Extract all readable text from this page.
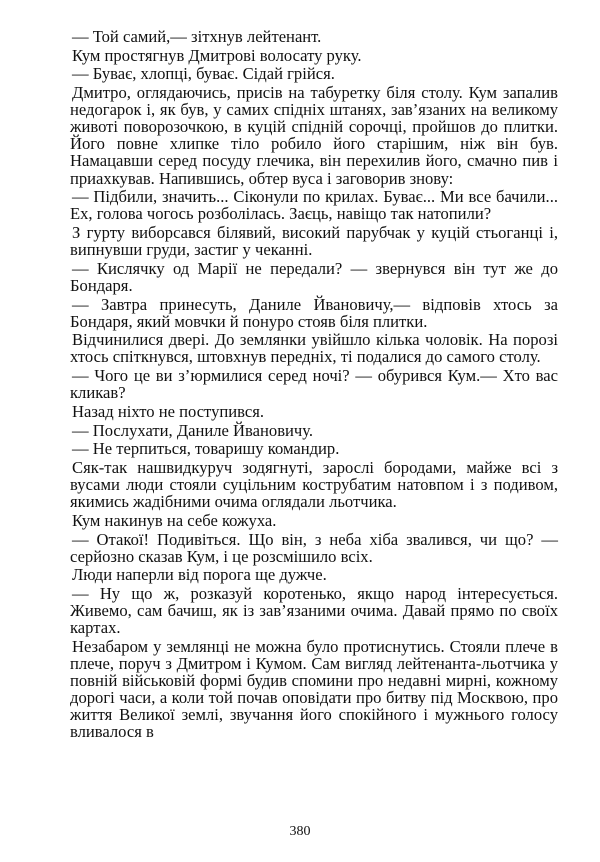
— Той самий,— зітхнув лейтенант.

Кум простягнув Дмитрові волосату руку.

— Буває, хлопці, буває. Сідай грійся.

Дмитро, оглядаючись, присів на табуретку біля столу. Кум запалив недогарок і, як був, у самих спідніх штанях, зав’язаних на великому животі поворозочкою, в куцій спідній сорочці, пройшов до плитки. Його повне хлипке тіло робило його старішим, ніж він був. Намацавши серед посуду глечика, він перехилив його, смачно пив і приахкував. Напившись, обтер вуса і заговорив знову:

— Підбили, значить... Сіконули по крилах. Буває... Ми все бачили... Ех, голова чогось розболілась. Заєць, навіщо так натопили?

З гурту виборсався білявий, високий парубчак у куцій стьоганці і, випнувши груди, застиг у чеканні.

— Кислячку од Марії не передали? — звернувся він тут же до Бондаря.

— Завтра принесуть, Даниле Йвановичу,— відповів хтось за Бондаря, який мовчки й понуро стояв біля плитки.

Відчинилися двері. До землянки увійшло кілька чоловік. На порозі хтось спіткнувся, штовхнув передніх, ті подалися до самого столу.

— Чого це ви з’юрмилися серед ночі? — обурився Кум.— Хто вас кликав?

Назад ніхто не поступився.

— Послухати, Даниле Йвановичу.

— Не терпиться, товаришу командир.

Сяк-так нашвидкуруч зодягнуті, зарослі бородами, майже всі з вусами люди стояли суцільним кострубатим натовпом і з подивом, якимись жадібними очима оглядали льотчика.

Кум накинув на себе кожуха.

— Отакої! Подивіться. Що він, з неба хіба звалився, чи що? — серйозно сказав Кум, і це розсмішило всіх.

Люди наперли від порога ще дужче.

— Ну що ж, розказуй коротенько, якщо народ інтересується. Живемо, сам бачиш, як із зав’язаними очима. Давай прямо по своїх картах.

Незабаром у землянці не можна було протиснутись. Стояли плече в плече, поруч з Дмитром і Кумом. Сам вигляд лейтенанта-льотчика у повній військовій формі будив спомини про недавні мирні, кожному дорогі часи, а коли той почав оповідати про битву під Москвою, про життя Великої землі, звучання його спокійного і мужнього голосу вливалося в

380
